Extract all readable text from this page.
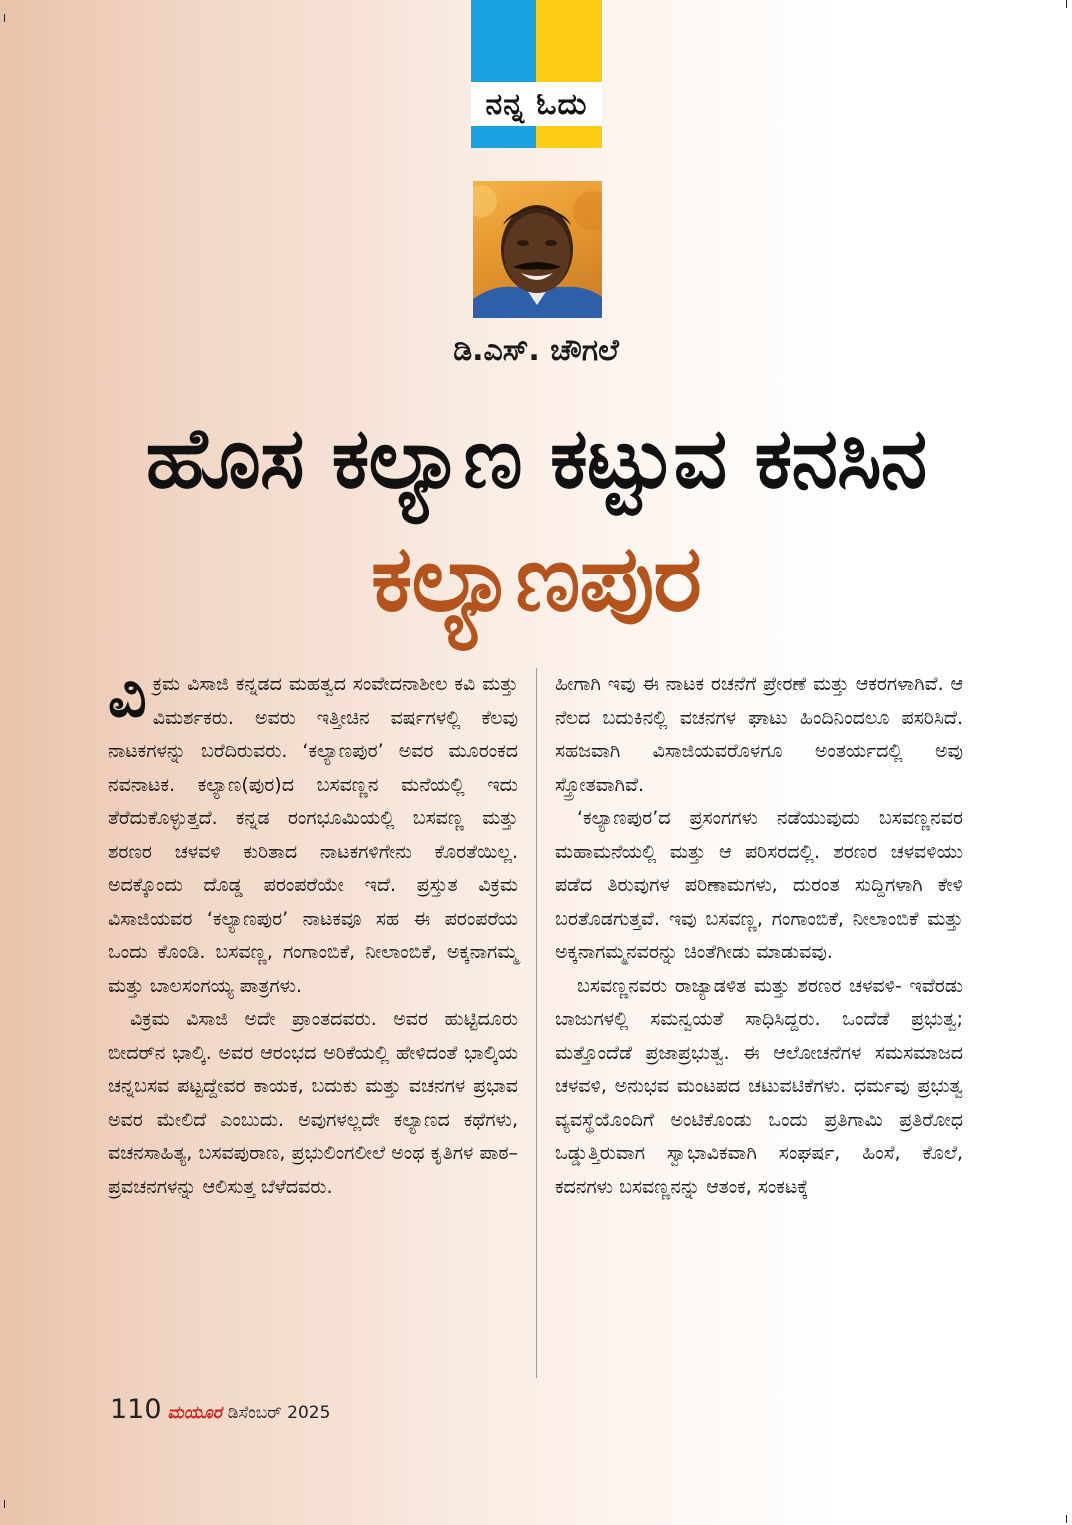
ನನ್ನ ಓದು
ಡಿ.ಎಸ್‌. ಚೌಗಲೆ
ಹೊಸ ಕಲ್ಯಾಣ ಕಟ್ಟುವ ಕನಸಿನ
ಕಲ್ಯಾಣಪುರ

ವಿಕ್ರಮ ವಿಸಾಜಿ ಕನ್ನಡದ ಮಹತ್ವದ ಸಂವೇದನಾಶೀಲ ಕವಿ ಮತ್ತು ವಿಮರ್ಶಕರು. ಅವರು ಇತ್ತೀಚಿನ ವರ್ಷಗಳಲ್ಲಿ ಕೆಲವು ನಾಟಕಗಳನ್ನು ಬರೆದಿರುವರು. ‘ಕಲ್ಯಾಣಪುರ’ ಅವರ ಮೂರಂಕದ ನವನಾಟಕ. ಕಲ್ಯಾಣ(ಪುರ)ದ ಬಸವಣ್ಣನ ಮನೆಯಲ್ಲಿ ಇದು ತೆರೆದುಕೊಳ್ಳುತ್ತದೆ. ಕನ್ನಡ ರಂಗಭೂಮಿಯಲ್ಲಿ ಬಸವಣ್ಣ ಮತ್ತು ಶರಣರ ಚಳವಳಿ ಕುರಿತಾದ ನಾಟಕಗಳಿಗೇನು ಕೊರತೆಯಿಲ್ಲ. ಅದಕ್ಕೊಂದು ದೊಡ್ಡ ಪರಂಪರೆಯೇ ಇದೆ. ಪ್ರಸ್ತುತ ವಿಕ್ರಮ ವಿಸಾಜಿಯವರ ‘ಕಲ್ಯಾಣಪುರ’ ನಾಟಕವೂ ಸಹ ಈ ಪರಂಪರೆಯ ಒಂದು ಕೊಂಡಿ. ಬಸವಣ್ಣ, ಗಂಗಾಂಬಿಕೆ, ನೀಲಾಂಬಿಕೆ, ಅಕ್ಕನಾಗಮ್ಮ ಮತ್ತು ಬಾಲಸಂಗಯ್ಯ ಪಾತ್ರಗಳು.

ವಿಕ್ರಮ ವಿಸಾಜಿ ಅದೇ ಪ್ರಾಂತದವರು. ಅವರ ಹುಟ್ಟಿದೂರು ಬೀದರ್‌ನ ಭಾಲ್ಕಿ. ಅವರ ಆರಂಭದ ಅರಿಕೆಯಲ್ಲಿ ಹೇಳಿದಂತೆ ಭಾಲ್ಕಿಯ ಚನ್ನಬಸವ ಪಟ್ಟದ್ದೇವರ ಕಾಯಕ, ಬದುಕು ಮತ್ತು ವಚನಗಳ ಪ್ರಭಾವ ಅವರ ಮೇಲಿದೆ ಎಂಬುದು. ಅವುಗಳಲ್ಲದೇ ಕಲ್ಯಾಣದ ಕಥೆಗಳು, ವಚನಸಾಹಿತ್ಯ, ಬಸವಪುರಾಣ, ಪ್ರಭುಲಿಂಗಲೀಲೆ ಅಂಥ ಕೃತಿಗಳ ಪಾಠ– ಪ್ರವಚನಗಳನ್ನು ಆಲಿಸುತ್ತ ಬೆಳೆದವರು.

ಹೀಗಾಗಿ ಇವು ಈ ನಾಟಕ ರಚನೆಗೆ ಪ್ರೇರಣೆ ಮತ್ತು ಆಕರಗಳಾಗಿವೆ. ಆ ನೆಲದ ಬದುಕಿನಲ್ಲಿ ವಚನಗಳ ಘಾಟು ಹಿಂದಿನಿಂದಲೂ ಪಸರಿಸಿದೆ. ಸಹಜವಾಗಿ ವಿಸಾಜಿಯವರೊಳಗೂ ಅಂತರ್ಯದಲ್ಲಿ ಅವು ಸ್ತ್ರೋತವಾಗಿವೆ.

‘ಕಲ್ಯಾಣಪುರ’ದ ಪ್ರಸಂಗಗಳು ನಡೆಯುವುದು ಬಸವಣ್ಣನವರ ಮಹಾಮನೆಯಲ್ಲಿ ಮತ್ತು ಆ ಪರಿಸರದಲ್ಲಿ. ಶರಣರ ಚಳವಳಿಯು ಪಡೆದ ತಿರುವುಗಳ ಪರಿಣಾಮಗಳು, ದುರಂತ ಸುದ್ದಿಗಳಾಗಿ ಕೇಳಿ ಬರತೊಡಗುತ್ತವೆ. ಇವು ಬಸವಣ್ಣ, ಗಂಗಾಂಬಿಕೆ, ನೀಲಾಂಬಿಕೆ ಮತ್ತು ಅಕ್ಕನಾಗಮ್ಮನವರನ್ನು ಚಿಂತೆಗೀಡು ಮಾಡುವವು.

ಬಸವಣ್ಣನವರು ರಾಜ್ಯಾಡಳಿತ ಮತ್ತು ಶರಣರ ಚಳವಳಿ- ಇವೆರಡು ಬಾಜುಗಳಲ್ಲಿ ಸಮನ್ವಯತೆ ಸಾಧಿಸಿದ್ದರು. ಒಂದೆಡೆ ಪ್ರಭುತ್ವ; ಮತ್ತೊಂದೆಡೆ ಪ್ರಜಾಪ್ರಭುತ್ವ. ಈ ಆಲೋಚನೆಗಳ ಸಮಸಮಾಜದ ಚಳವಳಿ, ಅನುಭವ ಮಂಟಪದ ಚಟುವಟಿಕೆಗಳು. ಧರ್ಮವು ಪ್ರಭುತ್ವ ವ್ಯವಸ್ಥೆಯೊಂದಿಗೆ ಅಂಟಿಕೊಂಡು ಒಂದು ಪ್ರತಿಗಾಮಿ ಪ್ರತಿರೋಧ ಒಡ್ಡುತ್ತಿರುವಾಗ ಸ್ವಾಭಾವಿಕವಾಗಿ ಸಂಘರ್ಷ, ಹಿಂಸೆ, ಕೊಲೆ, ಕದನಗಳು ಬಸವಣ್ಣನನ್ನು ಆತಂಕ, ಸಂಕಟಕ್ಕೆ

110 ಮಯೂರ ಡಿಸೆಂಬರ್ 2025
